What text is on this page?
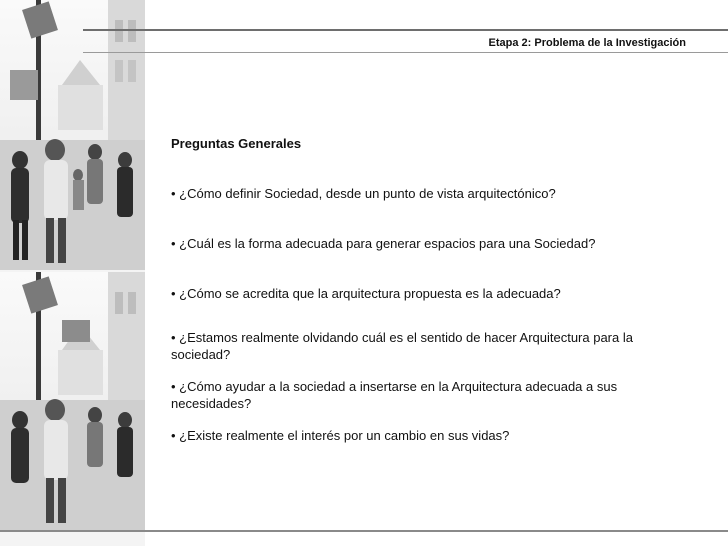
Etapa 2: Problema de la Investigación

Preguntas Generales

• ¿Cómo definir Sociedad, desde un punto de vista arquitectónico?

• ¿Cuál es la forma adecuada para generar espacios para una Sociedad?

• ¿Cómo se acredita que la arquitectura propuesta es la adecuada?

• ¿Estamos realmente olvidando cuál es el sentido de hacer Arquitectura para la sociedad?

• ¿Cómo ayudar a la sociedad a insertarse en la Arquitectura adecuada a sus necesidades?

• ¿Existe realmente el interés por un cambio en sus vidas?
